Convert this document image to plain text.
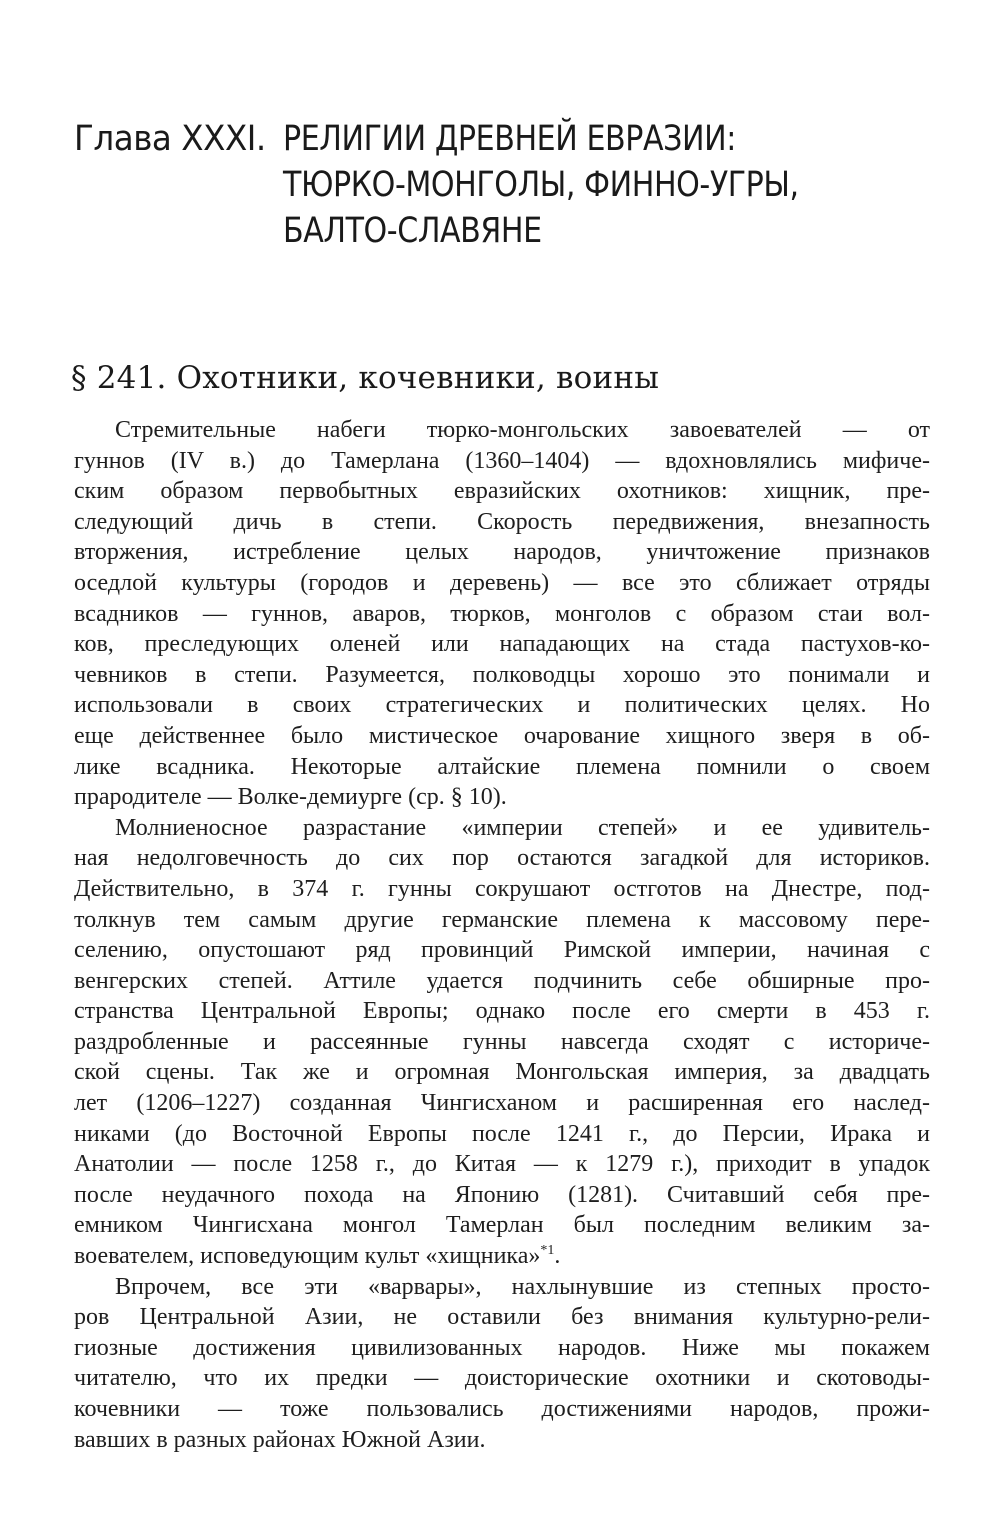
Глава XXXI. РЕЛИГИИ ДРЕВНЕЙ ЕВРАЗИИ:
ТЮРКО-МОНГОЛЫ, ФИННО-УГРЫ,
БАЛТО-СЛАВЯНЕ
§ 241. Охотники, кочевники, воины
Стремительные набеги тюрко-монгольских завоевателей — от
гуннов (IV в.) до Тамерлана (1360–1404) — вдохновлялись мифиче-
ским образом первобытных евразийских охотников: хищник, пре-
следующий дичь в степи. Скорость передвижения, внезапность
вторжения, истребление целых народов, уничтожение признаков
оседлой культуры (городов и деревень) — все это сближает отряды
всадников — гуннов, аваров, тюрков, монголов с образом стаи вол-
ков, преследующих оленей или нападающих на стада пастухов-ко-
чевников в степи. Разумеется, полководцы хорошо это понимали и
использовали в своих стратегических и политических целях. Но
еще действеннее было мистическое очарование хищного зверя в об-
лике всадника. Некоторые алтайские племена помнили о своем
прародителе — Волке-демиурге (ср. § 10).
Молниеносное разрастание «империи степей» и ее удивитель-
ная недолговечность до сих пор остаются загадкой для историков.
Действительно, в 374 г. гунны сокрушают остготов на Днестре, под-
толкнув тем самым другие германские племена к массовому пере-
селению, опустошают ряд провинций Римской империи, начиная с
венгерских степей. Аттиле удается подчинить себе обширные про-
странства Центральной Европы; однако после его смерти в 453 г.
раздробленные и рассеянные гунны навсегда сходят с историче-
ской сцены. Так же и огромная Монгольская империя, за двадцать
лет (1206–1227) созданная Чингисханом и расширенная его наслед-
никами (до Восточной Европы после 1241 г., до Персии, Ирака и
Анатолии — после 1258 г., до Китая — к 1279 г.), приходит в упадок
после неудачного похода на Японию (1281). Считавший себя пре-
емником Чингисхана монгол Тамерлан был последним великим за-
воевателем, исповедующим культ «хищника»$^{*1}$.
Впрочем, все эти «варвары», нахлынувшие из степных просто-
ров Центральной Азии, не оставили без внимания культурно-рели-
гиозные достижения цивилизованных народов. Ниже мы покажем
читателю, что их предки — доисторические охотники и скотоводы-
кочевники — тоже пользовались достижениями народов, прожи-
вавших в разных районах Южной Азии.
